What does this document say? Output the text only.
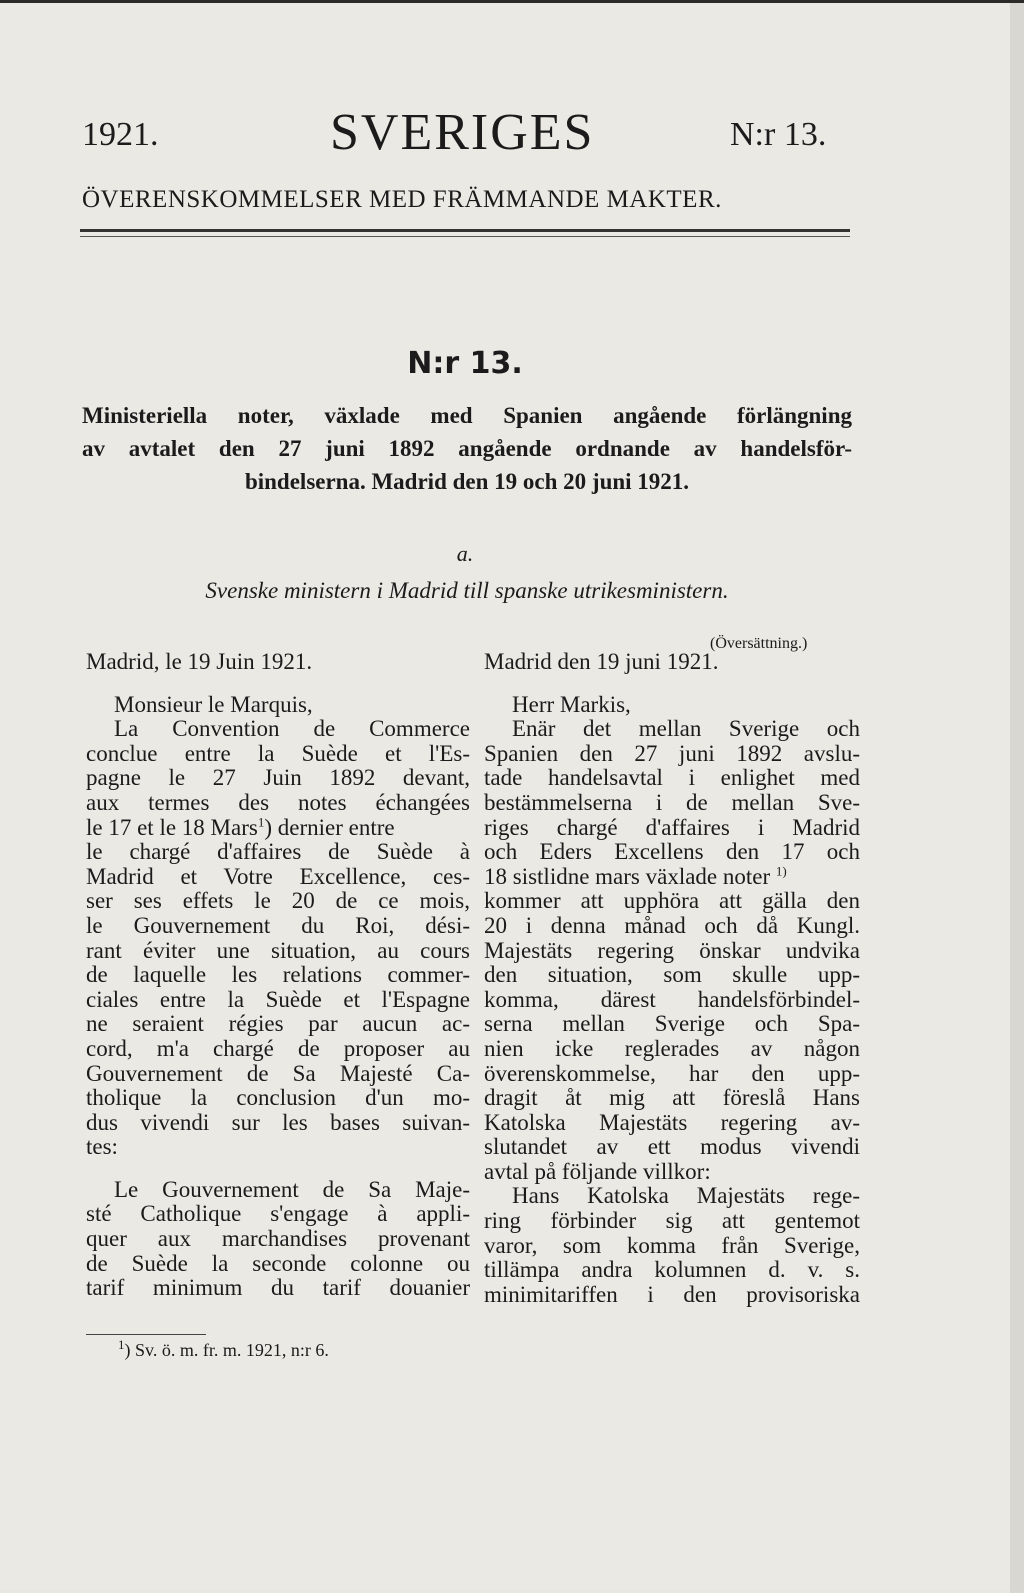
1921.	SVERIGES	N:r 13.
ÖVERENSKOMMELSER MED FRÄMMANDE MAKTER.
N:r 13.
Ministeriella noter, växlade med Spanien angående förlängning
av avtalet den 27 juni 1892 angående ordnande av handelsför-
bindelserna. Madrid den 19 och 20 juni 1921.
a.
Svenske ministern i Madrid till spanske utrikesministern.
(Översättning.)
Madrid, le 19 Juin 1921.
Monsieur le Marquis,
La Convention de Commerce
conclue entre la Suède et l'Es-
pagne le 27 Juin 1892 devant,
aux termes des notes échangées
le 17 et le 18 Mars$^1$) dernier entre
le chargé d'affaires de Suède à
Madrid et Votre Excellence, ces-
ser ses effets le 20 de ce mois,
le Gouvernement du Roi, dési-
rant éviter une situation, au cours
de laquelle les relations commer-
ciales entre la Suède et l'Espagne
ne seraient régies par aucun ac-
cord, m'a chargé de proposer au
Gouvernement de Sa Majesté Ca-
tholique la conclusion d'un mo-
dus vivendi sur les bases suivan-
tes:
Le Gouvernement de Sa Maje-
sté Catholique s'engage à appli-
quer aux marchandises provenant
de Suède la seconde colonne ou
tarif minimum du tarif douanier
Madrid den 19 juni 1921.
Herr Markis,
Enär det mellan Sverige och
Spanien den 27 juni 1892 avslu-
tade handelsavtal i enlighet med
bestämmelserna i de mellan Sve-
riges chargé d'affaires i Madrid
och Eders Excellens den 17 och
18 sistlidne mars växlade noter $^{1)}$
kommer att upphöra att gälla den
20 i denna månad och då Kungl.
Majestäts regering önskar undvika
den situation, som skulle upp-
komma, därest handelsförbindel-
serna mellan Sverige och Spa-
nien icke reglerades av någon
överenskommelse, har den upp-
dragit åt mig att föreslå Hans
Katolska Majestäts regering av-
slutandet av ett modus vivendi
avtal på följande villkor:
Hans Katolska Majestäts rege-
ring förbinder sig att gentemot
varor, som komma från Sverige,
tillämpa andra kolumnen d. v. s.
minimitariffen i den provisoriska
$^1$) Sv. ö. m. fr. m. 1921, n:r 6.
